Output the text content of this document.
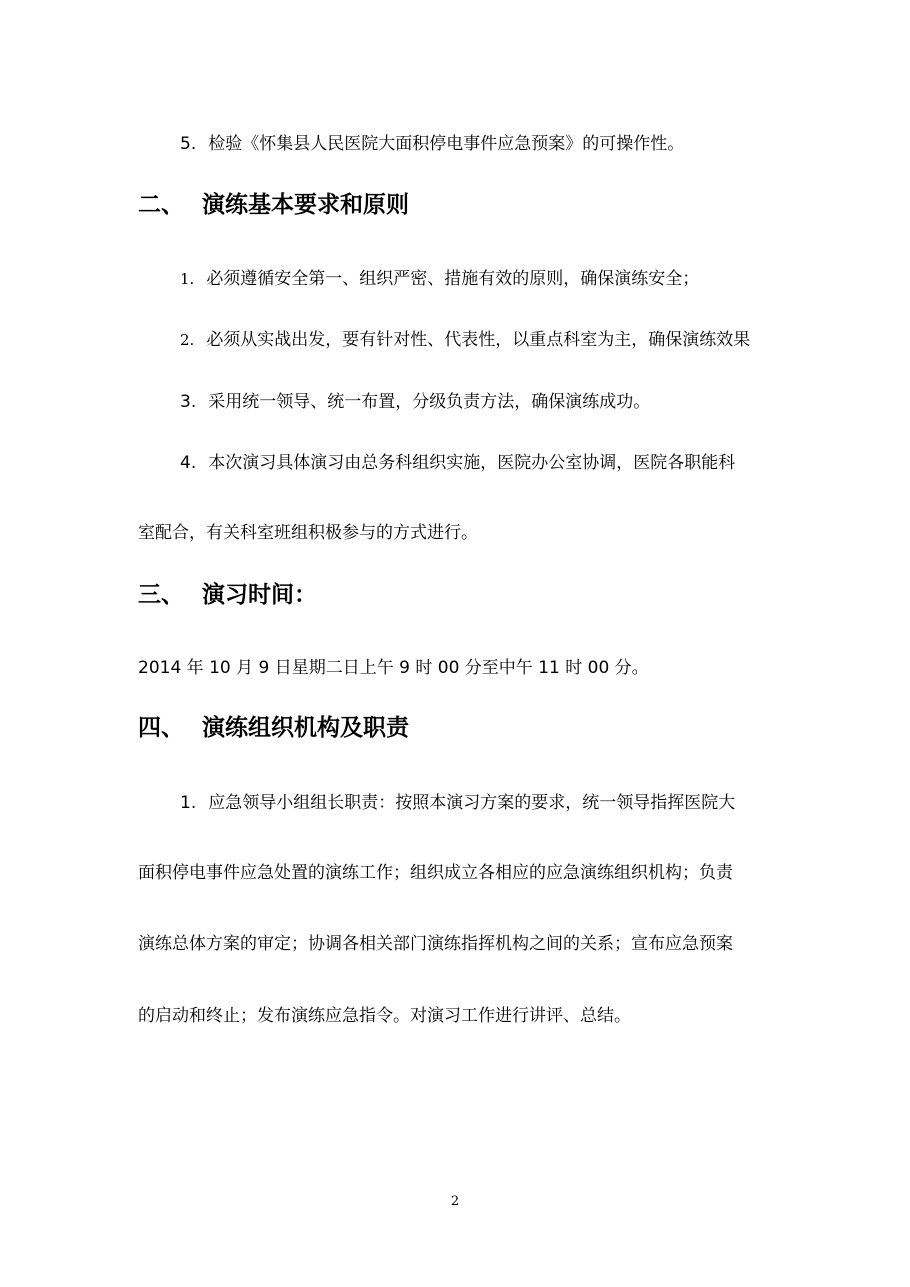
5. 检验《怀集县人民医院大面积停电事件应急预案》的可操作性。
二、 演练基本要求和原则
1. 必须遵循安全第一、组织严密、措施有效的原则，确保演练安全；
2. 必须从实战出发，要有针对性、代表性，以重点科室为主，确保演练效果
3. 采用统一领导、统一布置，分级负责方法，确保演练成功。
4. 本次演习具体演习由总务科组织实施，医院办公室协调，医院各职能科
室配合，有关科室班组积极参与的方式进行。
三、 演习时间：
2014 年 10 月 9 日星期二日上午 9 时 00 分至中午 11 时 00 分。
四、 演练组织机构及职责
1. 应急领导小组组长职责：按照本演习方案的要求，统一领导指挥医院大
面积停电事件应急处置的演练工作；组织成立各相应的应急演练组织机构；负责
演练总体方案的审定；协调各相关部门演练指挥机构之间的关系；宣布应急预案
的启动和终止；发布演练应急指令。对演习工作进行讲评、总结。
2
